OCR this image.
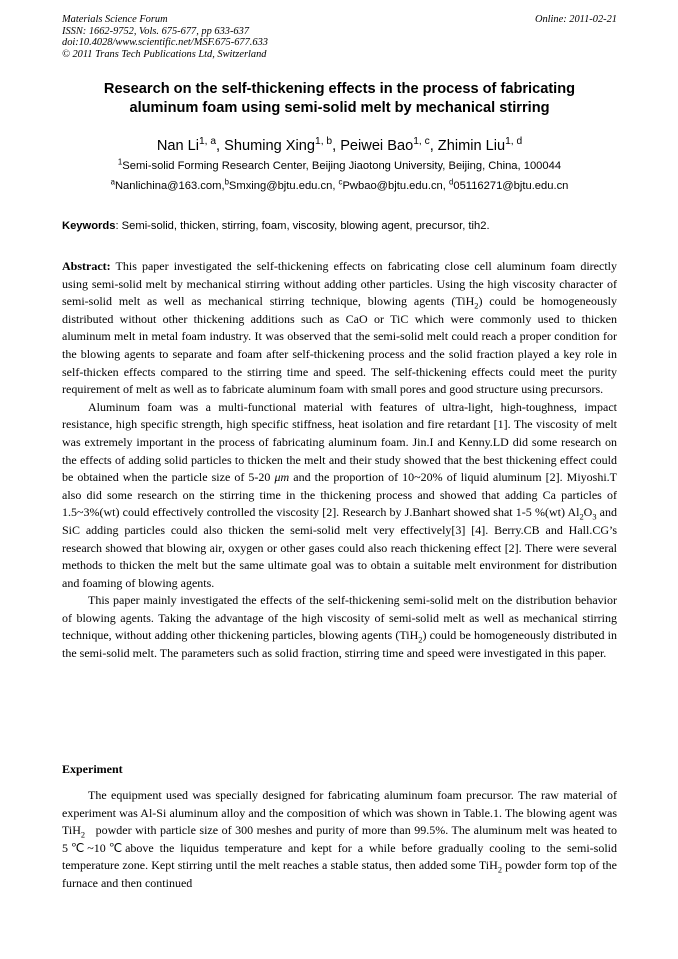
Materials Science Forum
ISSN: 1662-9752, Vols. 675-677, pp 633-637
doi:10.4028/www.scientific.net/MSF.675-677.633
© 2011 Trans Tech Publications Ltd, Switzerland
Online: 2011-02-21
Research on the self-thickening effects in the process of fabricating
aluminum foam using semi-solid melt by mechanical stirring
Nan Li$^{1, a}$, Shuming Xing$^{1, b}$, Peiwei Bao$^{1, c}$, Zhimin Liu$^{1, d}$
$^1$Semi-solid Forming Research Center, Beijing Jiaotong University, Beijing, China, 100044
$^a$Nanlichina@163.com,$^b$Smxing@bjtu.edu.cn, $^c$Pwbao@bjtu.edu.cn, $^d$05116271@bjtu.edu.cn
Keywords: Semi-solid, thicken, stirring, foam, viscosity, blowing agent, precursor, tih2.

Abstract: This paper investigated the self-thickening effects on fabricating close cell aluminum foam directly using semi-solid melt by mechanical stirring without adding other particles. Using the high viscosity character of semi-solid melt as well as mechanical stirring technique, blowing agents (TiH$_2$) could be homogeneously distributed without other thickening additions such as CaO or TiC which were commonly used to thicken aluminum melt in metal foam industry. It was observed that the semi-solid melt could reach a proper condition for the blowing agents to separate and foam after self-thickening process and the solid fraction played a key role in self-thicken effects compared to the stirring time and speed. The self-thickening effects could meet the purity requirement of melt as well as to fabricate aluminum foam with small pores and good structure using precursors.

Aluminum foam was a multi-functional material with features of ultra-light, high-toughness, impact resistance, high specific strength, high specific stiffness, heat isolation and fire retardant [1]. The viscosity of melt was extremely important in the process of fabricating aluminum foam. Jin.I and Kenny.LD did some research on the effects of adding solid particles to thicken the melt and their study showed that the best thickening effect could be obtained when the particle size of 5-20 μm and the proportion of 10~20% of liquid aluminum [2]. Miyoshi.T also did some research on the stirring time in the thickening process and showed that adding Ca particles of 1.5~3%(wt) could effectively controlled the viscosity [2]. Research by J.Banhart showed shat 1-5 %(wt) $Al_2O_3$ and SiC adding particles could also thicken the semi-solid melt very effectively[3] [4]. Berry.CB and Hall.CG’s research showed that blowing air, oxygen or other gases could also reach thickening effect [2]. There were several methods to thicken the melt but the same ultimate goal was to obtain a suitable melt environment for distribution and foaming of blowing agents.

This paper mainly investigated the effects of the self-thickening semi-solid melt on the distribution behavior of blowing agents. Taking the advantage of the high viscosity of semi-solid melt as well as mechanical stirring technique, without adding other thickening particles, blowing agents (TiH$_2$) could be homogeneously distributed in the semi-solid melt. The parameters such as solid fraction, stirring time and speed were investigated in this paper.

Experiment

The equipment used was specially designed for fabricating aluminum foam precursor. The raw material of experiment was Al-Si aluminum alloy and the composition of which was shown in Table.1. The blowing agent was TiH$_2$   powder with particle size of 300 meshes and purity of more than 99.5%. The aluminum melt was heated to 5℃~10℃above the liquidus temperature and kept for a while before gradually cooling to the semi-solid temperature zone. Kept stirring until the melt reaches a stable status, then added some TiH$_2$ powder form top of the furnace and then continued
